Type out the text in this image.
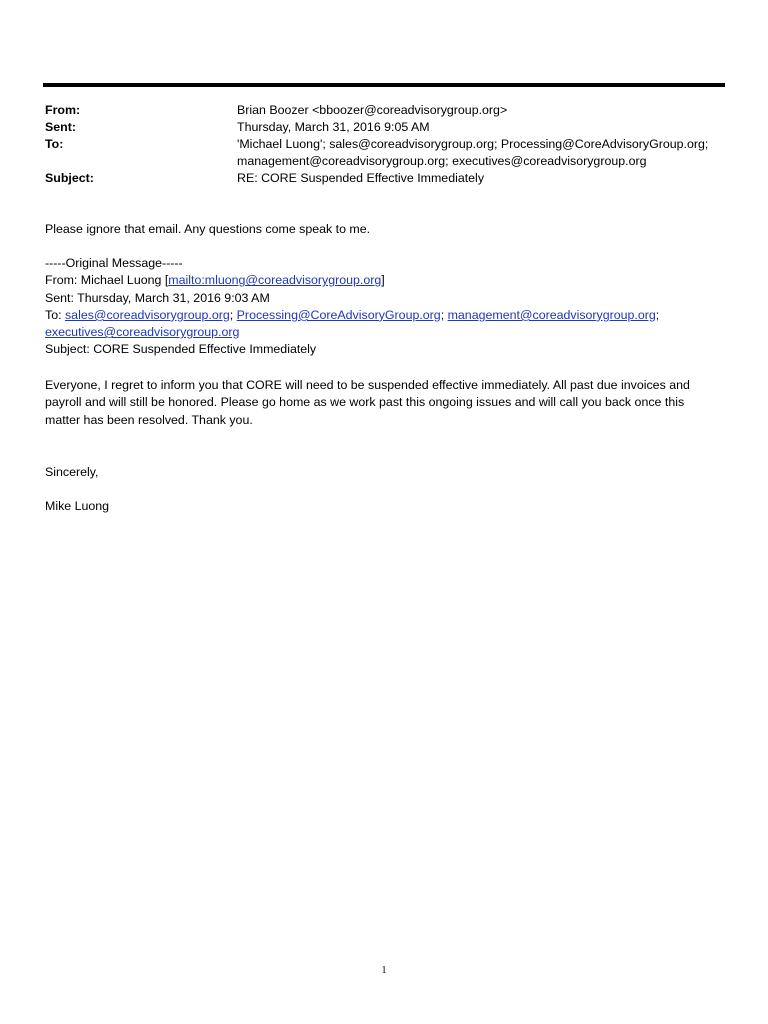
From:	Brian Boozer <bboozer@coreadvisorygroup.org>
Sent:	Thursday, March 31, 2016 9:05 AM
To:	'Michael Luong'; sales@coreadvisorygroup.org; Processing@CoreAdvisoryGroup.org;
management@coreadvisorygroup.org; executives@coreadvisorygroup.org
Subject:	RE: CORE Suspended Effective Immediately
Please ignore that email. Any questions come speak to me.
-----Original Message-----
From: Michael Luong [mailto:mluong@coreadvisorygroup.org]
Sent: Thursday, March 31, 2016 9:03 AM
To: sales@coreadvisorygroup.org; Processing@CoreAdvisoryGroup.org; management@coreadvisorygroup.org;
executives@coreadvisorygroup.org
Subject: CORE Suspended Effective Immediately
Everyone, I regret to inform you that CORE will need to be suspended effective immediately. All past due invoices and
payroll and will still be honored. Please go home as we work past this ongoing issues and will call you back once this
matter has been resolved. Thank you.
Sincerely,
Mike Luong
1
